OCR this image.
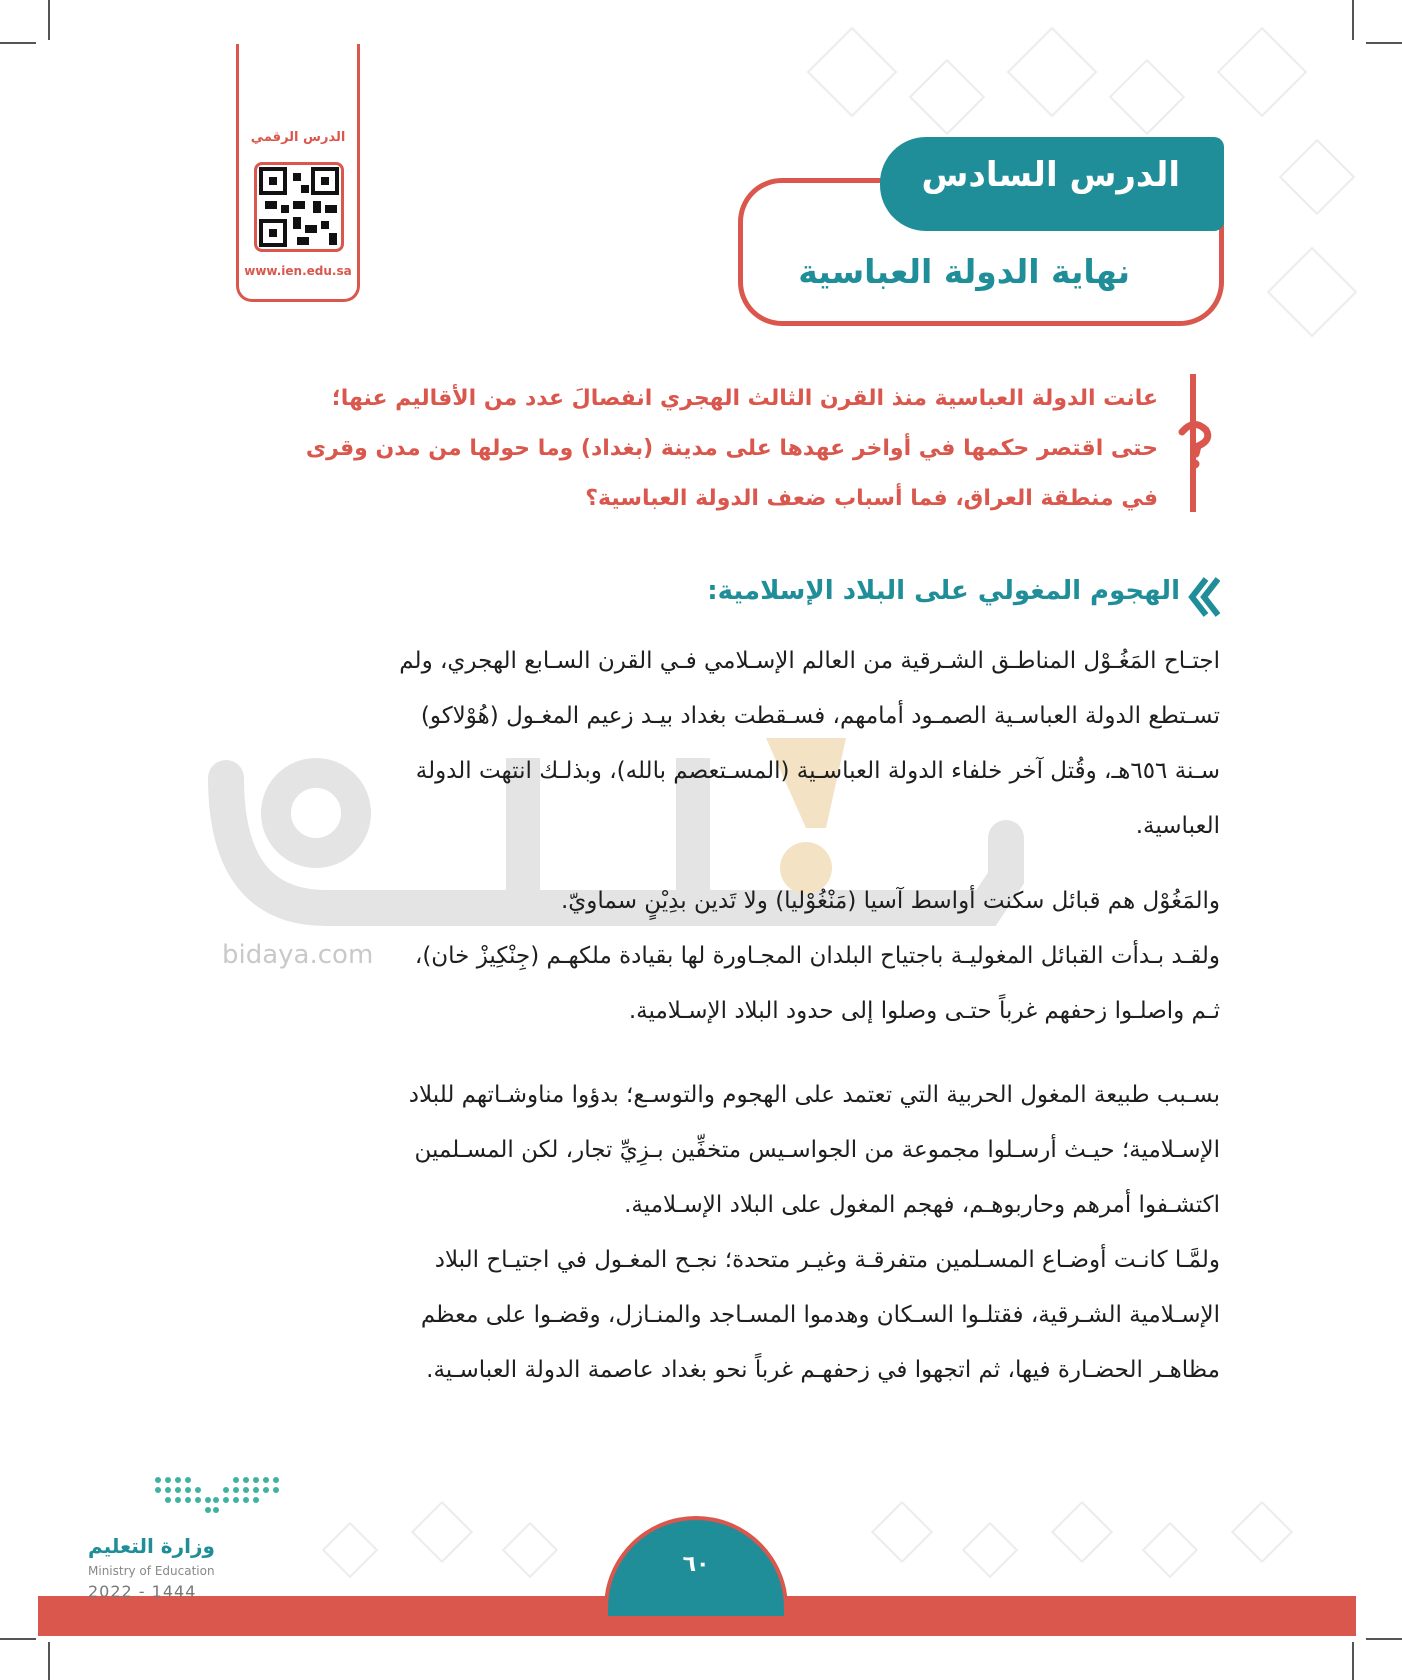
bidaya.com
الدرس الرقمي
www.ien.edu.sa
الدرس السادس
نهاية الدولة العباسية
عانت الدولة العباسية منذ القرن الثالث الهجري انفصالَ عدد من الأقاليم عنها؛
حتى اقتصر حكمها في أواخر عهدها على مدينة (بغداد) وما حولها من مدن وقرى
في منطقة العراق، فما أسباب ضعف الدولة العباسية؟
الهجوم المغولي على البلاد الإسلامية:
اجتـاح المَغُـوْل المناطـق الشـرقية من العالم الإسـلامي فـي القرن السـابع الهجري، ولم
تسـتطع الدولة العباسـية الصمـود أمامهم، فسـقطت بغداد بيـد زعيم المغـول (هُوْلاكو)
سـنة ٦٥٦هـ، وقُتل آخر خلفاء الدولة العباسـية (المسـتعصم بالله)، وبذلـك انتهت الدولة
العباسية.
والمَغُوْل هم قبائل سكنت أواسط آسيا (مَنْغُوْليا) ولا تَدين بدِيْنٍ سماويّ.
ولقـد بـدأت القبائل المغوليـة باجتياح البلدان المجـاورة لها بقيادة ملكهـم (جِنْكِيزْ خان)،
ثـم واصلـوا زحفهم غرباً حتـى وصلوا إلى حدود البلاد الإسـلامية.
بسـبب طبيعة المغول الحربية التي تعتمد على الهجوم والتوسـع؛ بدؤوا مناوشـاتهم للبلاد
الإسـلامية؛ حيـث أرسـلوا مجموعة من الجواسـيس متخفِّين بـزِيِّ تجار، لكن المسـلمين
اكتشـفوا أمرهم وحاربوهـم، فهجم المغول على البلاد الإسـلامية.
ولمَّـا كانـت أوضـاع المسـلمين متفرقـة وغيـر متحدة؛ نجـح المغـول في اجتيـاح البلاد
الإسـلامية الشـرقية، فقتلـوا السـكان وهدموا المسـاجد والمنـازل، وقضـوا على معظم
مظاهـر الحضـارة فيها، ثم اتجهوا في زحفهـم غرباً نحو بغداد عاصمة الدولة العباسـية.
٦٠
وزارة التعليم
Ministry of Education
2022 - 1444
